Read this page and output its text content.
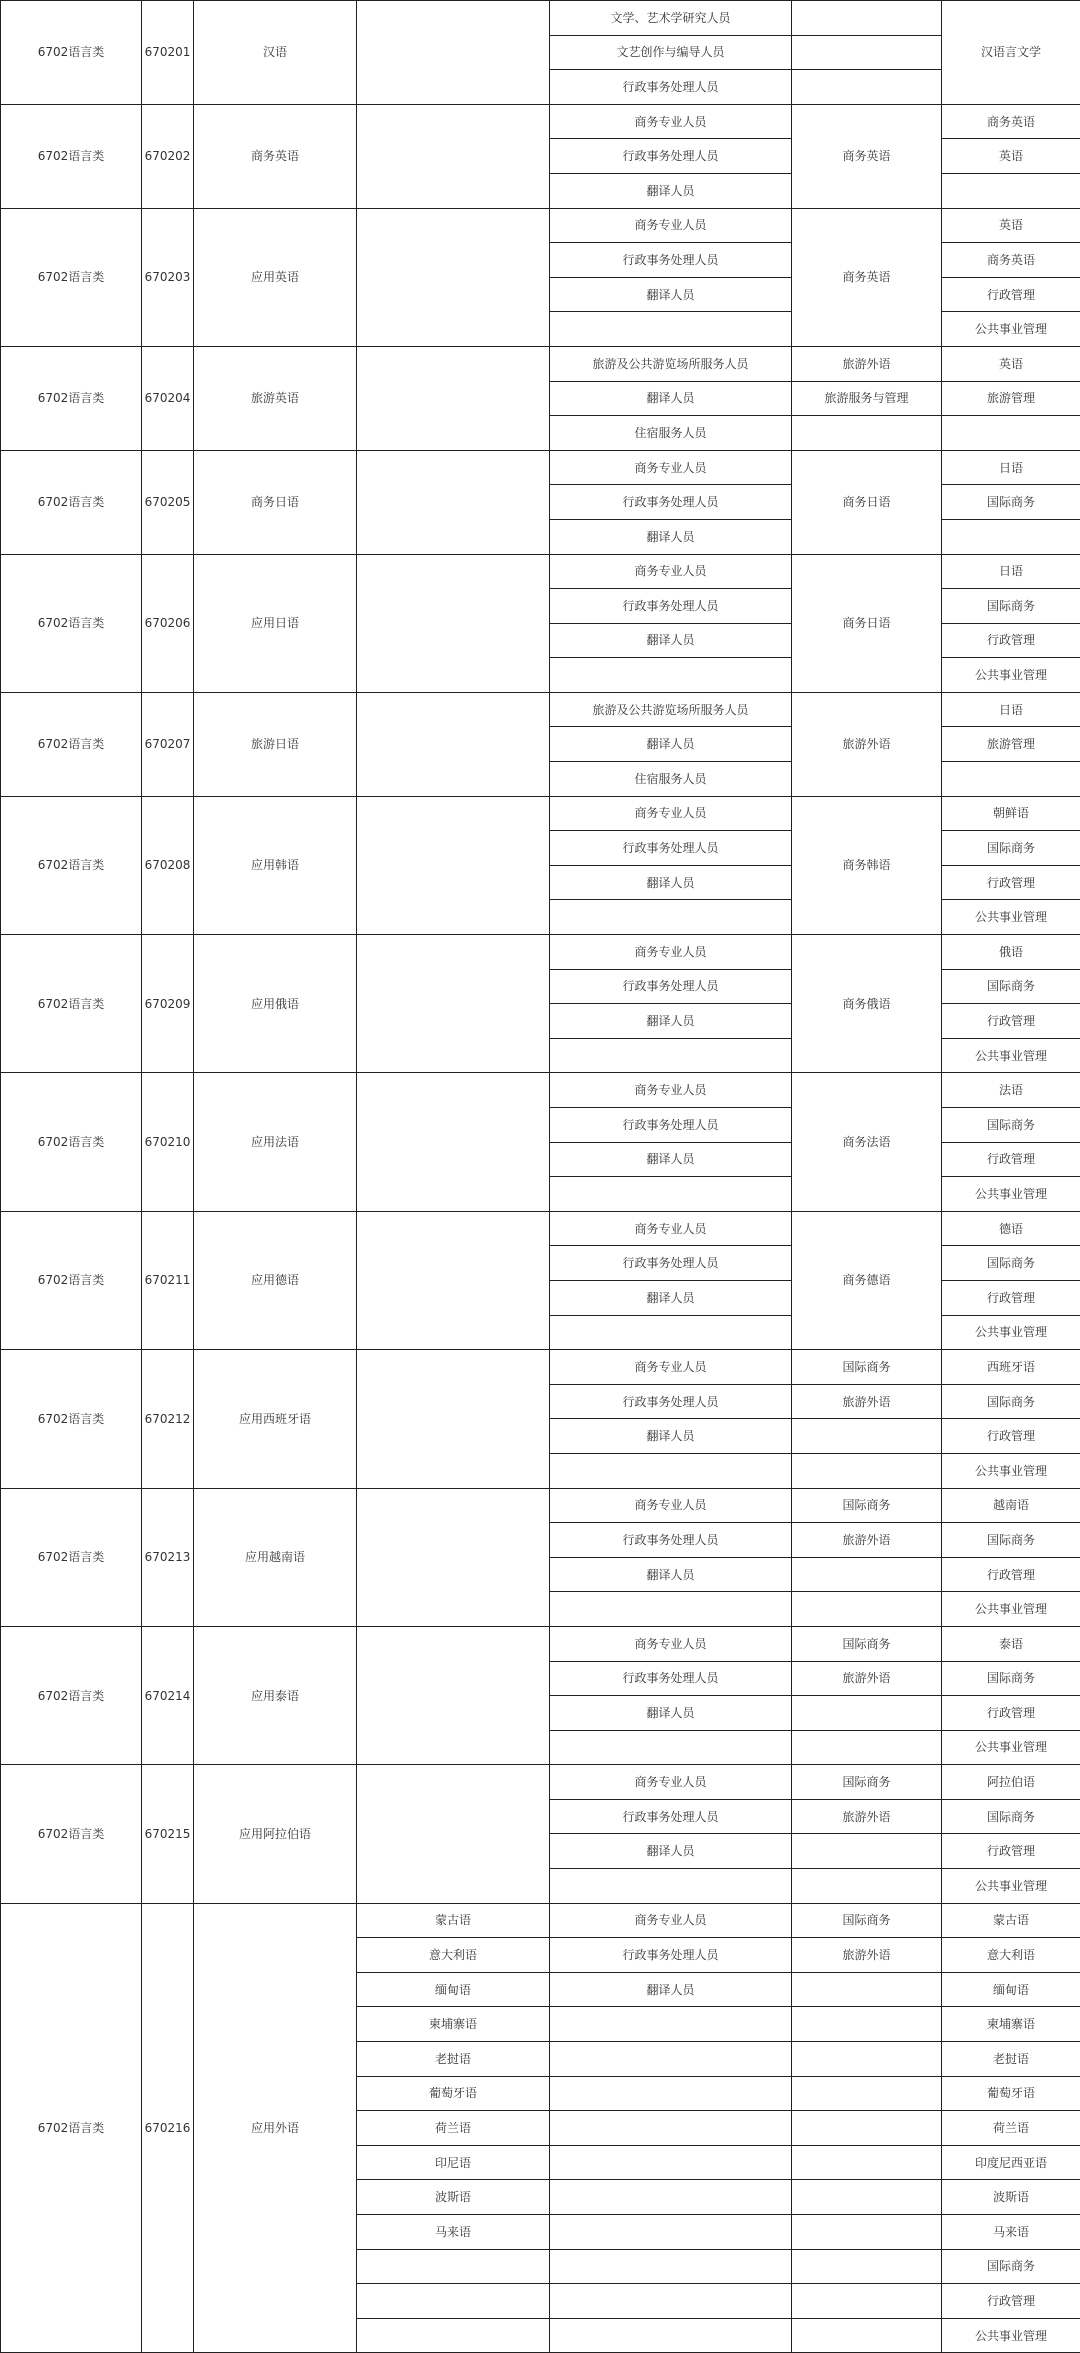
6702语言类	670201	汉语		文学、艺术学研究人员		汉语言文学
				文艺创作与编导人员		
				行政事务处理人员		
6702语言类	670202	商务英语		商务专业人员	商务英语	商务英语
				行政事务处理人员		英语
				翻译人员		
6702语言类	670203	应用英语		商务专业人员	商务英语	英语
				行政事务处理人员		商务英语
				翻译人员		行政管理
						公共事业管理
6702语言类	670204	旅游英语		旅游及公共游览场所服务人员	旅游外语	英语
				翻译人员	旅游服务与管理	旅游管理
				住宿服务人员		
6702语言类	670205	商务日语		商务专业人员	商务日语	日语
				行政事务处理人员		国际商务
				翻译人员		
6702语言类	670206	应用日语		商务专业人员	商务日语	日语
				行政事务处理人员		国际商务
				翻译人员		行政管理
						公共事业管理
6702语言类	670207	旅游日语		旅游及公共游览场所服务人员	旅游外语	日语
				翻译人员		旅游管理
				住宿服务人员		
6702语言类	670208	应用韩语		商务专业人员	商务韩语	朝鲜语
				行政事务处理人员		国际商务
				翻译人员		行政管理
						公共事业管理
6702语言类	670209	应用俄语		商务专业人员	商务俄语	俄语
				行政事务处理人员		国际商务
				翻译人员		行政管理
						公共事业管理
6702语言类	670210	应用法语		商务专业人员	商务法语	法语
				行政事务处理人员		国际商务
				翻译人员		行政管理
						公共事业管理
6702语言类	670211	应用德语		商务专业人员	商务德语	德语
				行政事务处理人员		国际商务
				翻译人员		行政管理
						公共事业管理
6702语言类	670212	应用西班牙语		商务专业人员	国际商务	西班牙语
				行政事务处理人员	旅游外语	国际商务
				翻译人员		行政管理
						公共事业管理
6702语言类	670213	应用越南语		商务专业人员	国际商务	越南语
				行政事务处理人员	旅游外语	国际商务
				翻译人员		行政管理
						公共事业管理
6702语言类	670214	应用泰语		商务专业人员	国际商务	泰语
				行政事务处理人员	旅游外语	国际商务
				翻译人员		行政管理
						公共事业管理
6702语言类	670215	应用阿拉伯语		商务专业人员	国际商务	阿拉伯语
				行政事务处理人员	旅游外语	国际商务
				翻译人员		行政管理
						公共事业管理
6702语言类	670216	应用外语	蒙古语	商务专业人员	国际商务	蒙古语
			意大利语	行政事务处理人员	旅游外语	意大利语
			缅甸语	翻译人员		缅甸语
			柬埔寨语			柬埔寨语
			老挝语			老挝语
			葡萄牙语			葡萄牙语
			荷兰语			荷兰语
			印尼语			印度尼西亚语
			波斯语			波斯语
			马来语			马来语
						国际商务
						行政管理
						公共事业管理
